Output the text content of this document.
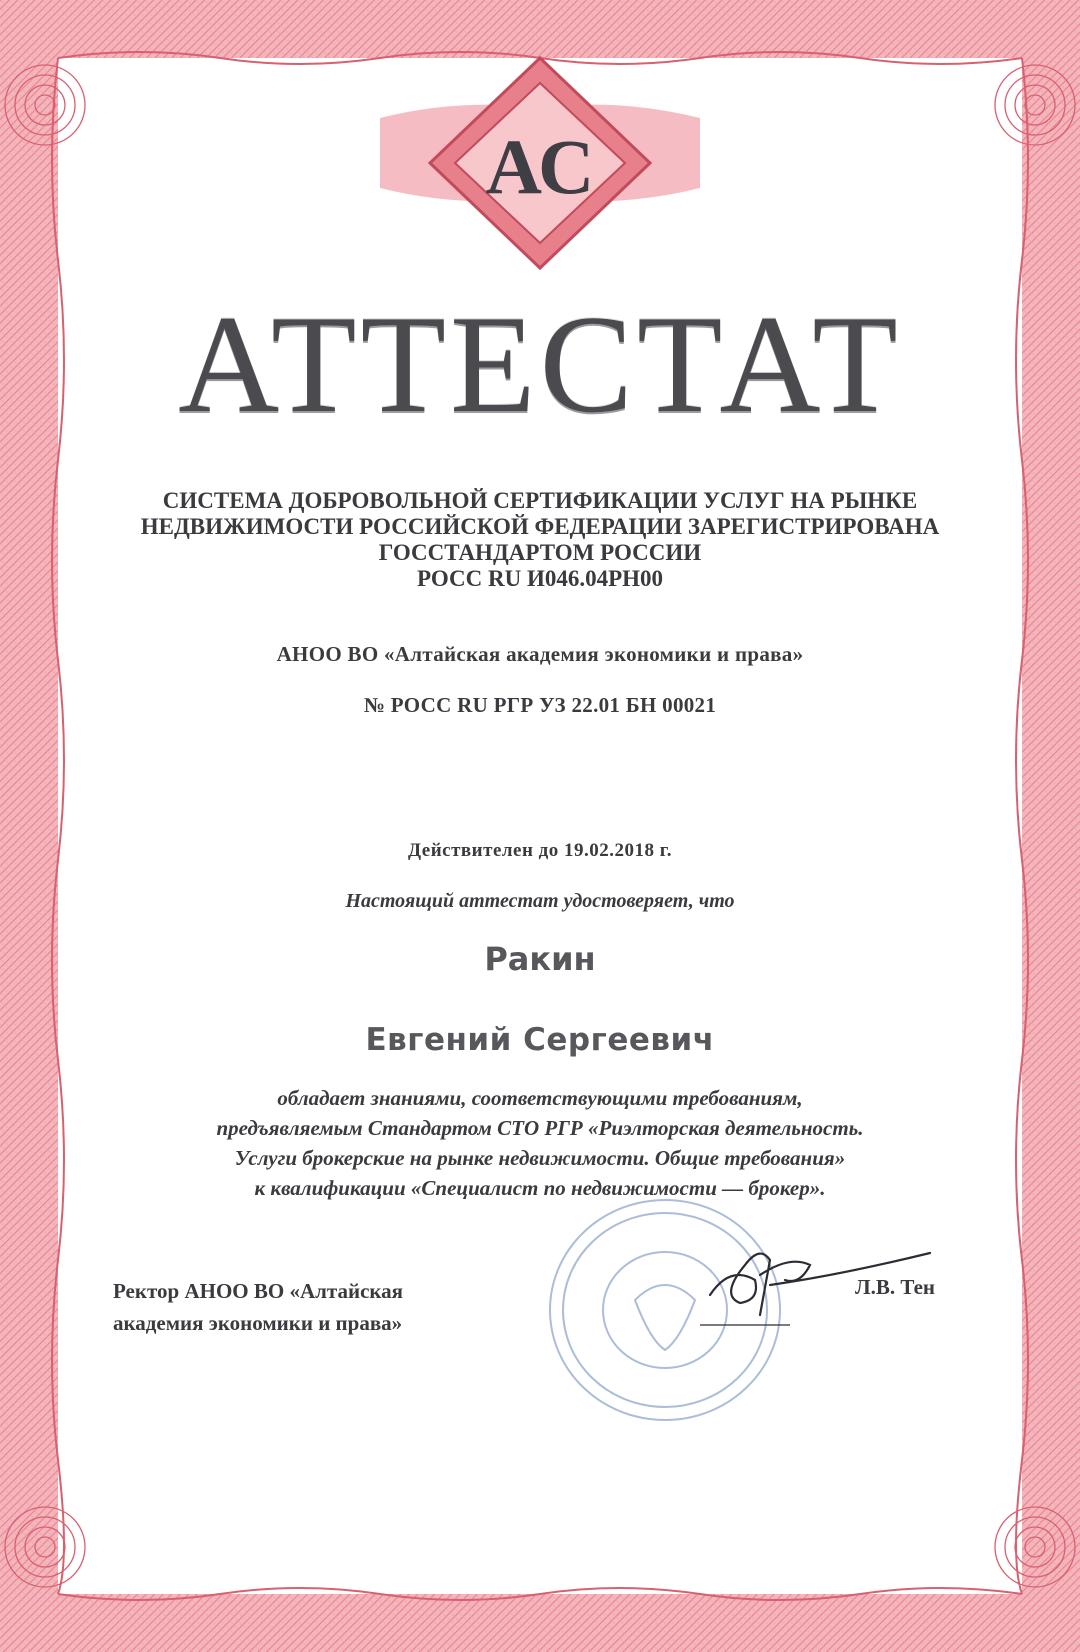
АС
АТТЕСТАТ
СИСТЕМА ДОБРОВОЛЬНОЙ СЕРТИФИКАЦИИ УСЛУГ НА РЫНКЕ
НЕДВИЖИМОСТИ РОССИЙСКОЙ ФЕДЕРАЦИИ ЗАРЕГИСТРИРОВАНА
ГОССТАНДАРТОМ РОССИИ
РОСС RU И046.04РН00
АНОО ВО «Алтайская академия экономики и права»
№ РОСС RU РГР УЗ 22.01 БН 00021
Действителен до 19.02.2018 г.
Настоящий аттестат удостоверяет, что
Ракин
Евгений Сергеевич
обладает знаниями, соответствующими требованиям,
предъявляемым Стандартом СТО РГР «Риэлторская деятельность.
Услуги брокерские на рынке недвижимости. Общие требования»
к квалификации «Специалист по недвижимости — брокер».
Ректор АНОО ВО «Алтайская
академия экономики и права»
Л.В. Тен
